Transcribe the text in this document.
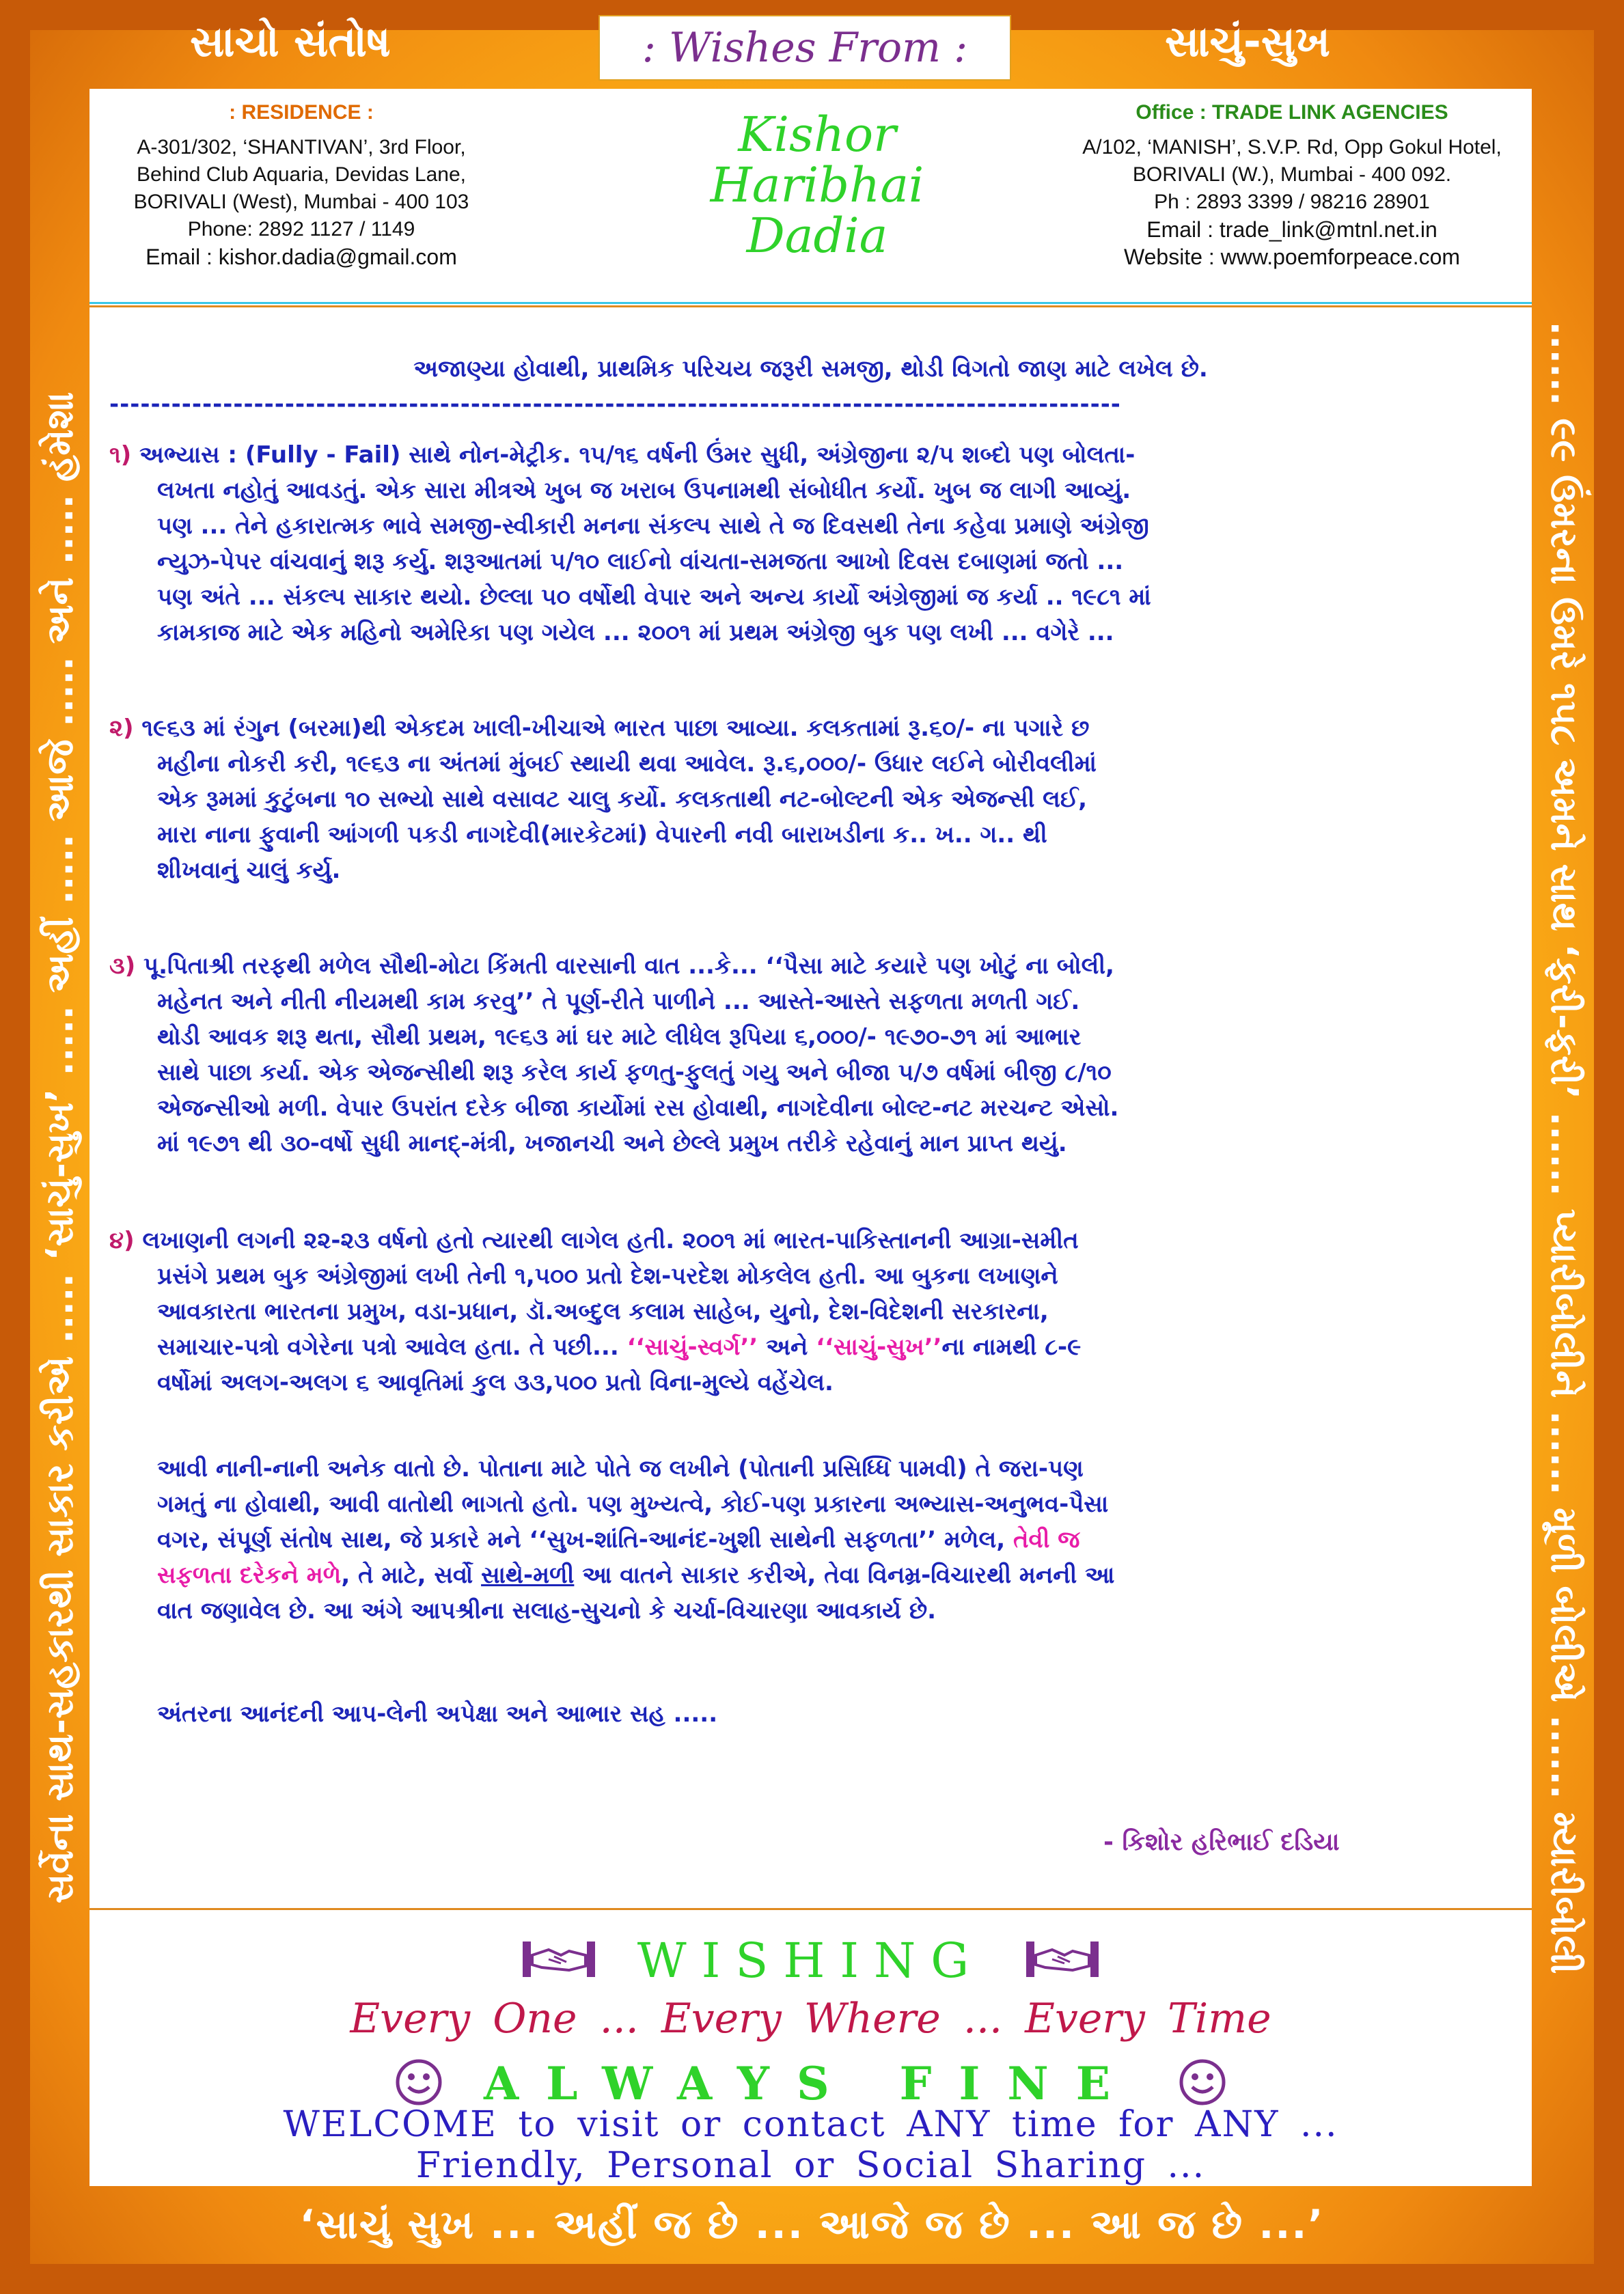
સાચો સંતોષ	સાચું-સુખ
: Wishes From :
સર્વેના સાથ-સહકારથી સાકાર કરીએ ..... ‘સાચું-સુખ’ ..... અહીં ..... આજે ..... અને ..... હંમેશા	...... ૯૯ ઉંમરના ઉમરે ૧૫૮ અમને સાથ ‘ફરી-ફરી’ ...... પ્યારીબોલીને ...... મૂળી બોલીએ ...... મ્યારીબોલી
‘સાચું સુખ ... અહીં જ છે ... આજે જ છે ... આ જ છે ...’
: RESIDENCE :
A-301/302, ‘SHANTIVAN’, 3rd Floor,
Behind Club Aquaria, Devidas Lane,
BORIVALI (West), Mumbai - 400 103
Phone: 2892 1127 / 1149
Email : kishor.dadia@gmail.com
Kishor
Haribhai
Dadia
Office : TRADE LINK AGENCIES
A/102, ‘MANISH’, S.V.P. Rd, Opp Gokul Hotel,
BORIVALI (W.), Mumbai - 400 092.
Ph : 2893 3399 / 98216 28901
Email : trade_link@mtnl.net.in
Website : www.poemforpeace.com
અજાણ્યા હોવાથી, પ્રાથમિક પરિચય જરૂરી સમજી, થોડી વિગતો જાણ માટે લખેલ છે.
--------------------------------------------------------------------------------------------------
૧) અભ્યાસ : (Fully - Fail) સાથે નોન-મેટ્રીક. ૧૫/૧૬ વર્ષની ઉંમર સુધી, અંગ્રેજીના ૨/૫ શબ્દો પણ બોલતા-
લખતા નહોતું આવડતું. એક સારા મીત્રએ ખુબ જ ખરાબ ઉપનામથી સંબોધીત કર્યો. ખુબ જ લાગી આવ્યું.
પણ ... તેને હકારાત્મક ભાવે સમજી-સ્વીકારી મનના સંકલ્પ સાથે તે જ દિવસથી તેના કહેવા પ્રમાણે અંગ્રેજી
ન્યુઝ-પેપર વાંચવાનું શરૂ કર્યુ. શરૂઆતમાં ૫/૧૦ લાઈનો વાંચતા-સમજતા આખો દિવસ દબાણમાં જતો ...
પણ અંતે ... સંકલ્પ સાકાર થયો. છેલ્લા ૫૦ વર્ષોથી વેપાર અને અન્ય કાર્યો અંગ્રેજીમાં જ કર્યા .. ૧૯૮૧ માં
કામકાજ માટે એક મહિનો અમેરિકા પણ ગયેલ ... ૨૦૦૧ માં પ્રથમ અંગ્રેજી બુક પણ લખી ... વગેરે ...
૨) ૧૯૬૩ માં રંગુન (બરમા)થી એકદમ ખાલી-ખીચાએ ભારત પાછા આવ્યા. કલકતામાં રૂ.૬૦/- ના પગારે છ
મહીના નોકરી કરી, ૧૯૬૩ ના અંતમાં મુંબઈ સ્થાયી થવા આવેલ. રૂ.૬,૦૦૦/- ઉધાર લઈને બોરીવલીમાં
એક રૂમમાં કુટુંબના ૧૦ સભ્યો સાથે વસાવટ ચાલુ કર્યો. કલકતાથી નટ-બોલ્ટની એક એજન્સી લઈ,
મારા નાના ફુવાની આંગળી પકડી નાગદેવી(મારકેટમાં) વેપારની નવી બારાખડીના ક.. ખ.. ગ.. થી
શીખવાનું ચાલું કર્યુ.
૩) પૂ.પિતાશ્રી તરફથી મળેલ સૌથી-મોટા કિંમતી વારસાની વાત ...કે... ‘‘પૈસા માટે કયારે પણ ખોટું ના બોલી,
મહેનત અને નીતી નીયમથી કામ કરવુ’’ તે પૂર્ણ-રીતે પાળીને ... આસ્તે-આસ્તે સફળતા મળતી ગઈ.
થોડી આવક શરૂ થતા, સૌથી પ્રથમ, ૧૯૬૩ માં ઘર માટે લીધેલ રૂપિયા ૬,૦૦૦/- ૧૯૭૦-૭૧ માં આભાર
સાથે પાછા કર્યા. એક એજન્સીથી શરૂ કરેલ કાર્ય ફળતુ-ફુલતું ગયુ અને બીજા ૫/૭ વર્ષમાં બીજી ૮/૧૦
એજન્સીઓ મળી. વેપાર ઉપરાંત દરેક બીજા કાર્યોમાં રસ હોવાથી, નાગદેવીના બોલ્ટ-નટ મરચન્ટ એસો.
માં ૧૯૭૧ થી ૩૦-વર્ષો સુધી માનદ્-મંત્રી, ખજાનચી અને છેલ્લે પ્રમુખ તરીકે રહેવાનું માન પ્રાપ્ત થયું.
૪) લખાણની લગની ૨૨-૨૩ વર્ષનો હતો ત્યારથી લાગેલ હતી. ૨૦૦૧ માં ભારત-પાકિસ્તાનની આગ્રા-સમીત
પ્રસંગે પ્રથમ બુક અંગ્રેજીમાં લખી તેની ૧,૫૦૦ પ્રતો દેશ-પરદેશ મોકલેલ હતી. આ બુકના લખાણને
આવકારતા ભારતના પ્રમુખ, વડા-પ્રધાન, ડૉ.અબ્દુલ કલામ સાહેબ, યુનો, દેશ-વિદેશની સરકારના,
સમાચાર-પત્રો વગેરેના પત્રો આવેલ હતા. તે પછી... ‘‘સાચું-સ્વર્ગ’’ અને ‘‘સાચું-સુખ’’ના નામથી ૮-૯
વર્ષોમાં અલગ-અલગ ૬ આવૃતિમાં કુલ ૩૩,૫૦૦ પ્રતો વિના-મુલ્યે વહેંચેલ.
આવી નાની-નાની અનેક વાતો છે. પોતાના માટે પોતે જ લખીને (પોતાની પ્રસિધ્ધિ પામવી) તે જરા-પણ
ગમતું ના હોવાથી, આવી વાતોથી ભાગતો હતો. પણ મુખ્યત્વે, કોઈ-પણ પ્રકારના અભ્યાસ-અનુભવ-પૈસા
વગર, સંપૂર્ણ સંતોષ સાથ, જે પ્રકારે મને ‘‘સુખ-શાંતિ-આનંદ-ખુશી સાથેની સફળતા’’ મળેલ, તેવી જ
સફળતા દરેકને મળે, તે માટે, સર્વો સાથે-મળી આ વાતને સાકાર કરીએ, તેવા વિનમ્ર-વિચારથી મનની આ
વાત જણાવેલ છે. આ અંગે આપશ્રીના સલાહ-સુચનો કે ચર્ચા-વિચારણા આવકાર્ય છે.
અંતરના આનંદની આપ-લેની અપેક્ષા અને આભાર સહ .....
- કિશોર હરિભાઈ દડિયા
WISHING
Every One ... Every Where ... Every Time
ALWAYS FINE
WELCOME to visit or contact ANY time for ANY ...
Friendly, Personal or Social Sharing ...
